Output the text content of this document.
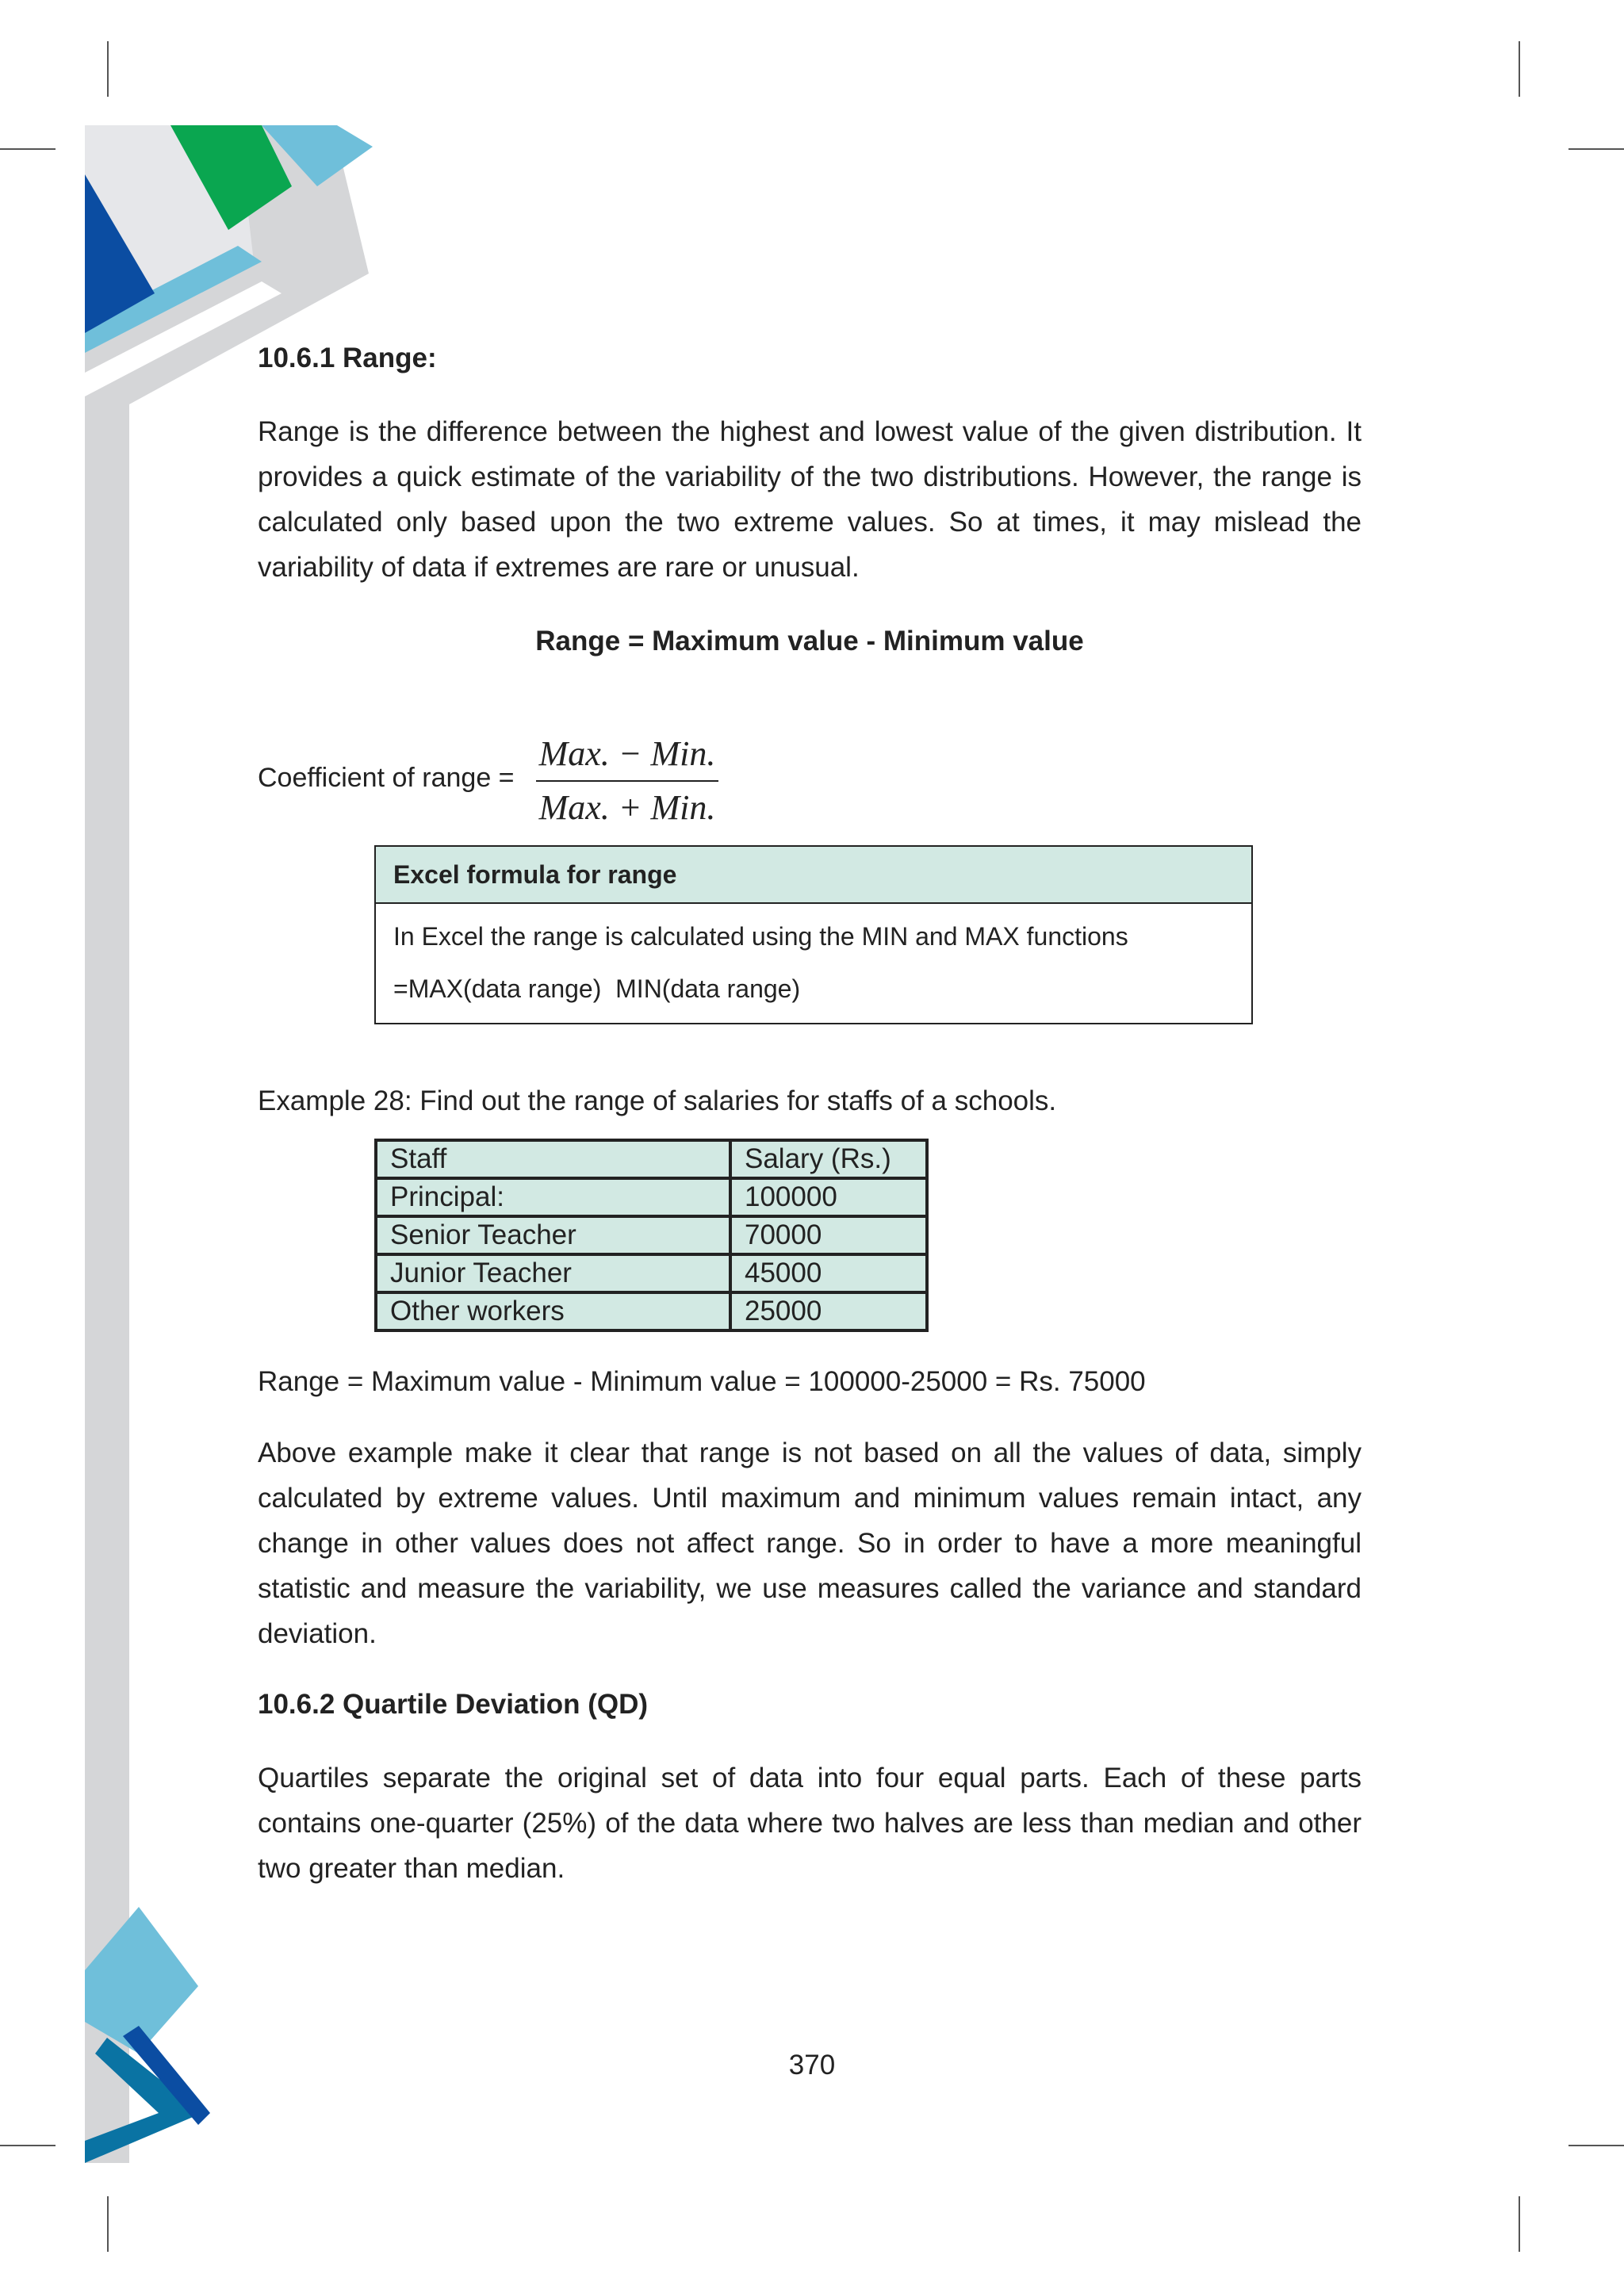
10.6.1 Range:
Range is the difference between the highest and lowest value of the given distribution. It provides a quick estimate of the variability of the two distributions. However, the range is calculated only based upon the two extreme values. So at times, it may mislead the variability of data if extremes are rare or unusual.
Range = Maximum value - Minimum value
Coefficient of range =
Max. − Min.
Max. + Min.
Excel formula for range
In Excel the range is calculated using the MIN and MAX functions
=MAX(data range)  MIN(data range)
Example 28: Find out the range of salaries for staffs of a schools.
Staff	Salary (Rs.)
Principal:	100000
Senior Teacher	70000
Junior Teacher	45000
Other workers	25000
Range = Maximum value - Minimum value = 100000-25000 = Rs. 75000
Above example make it clear that range is not based on all the values of data, simply calculated by extreme values. Until maximum and minimum values remain intact, any change in other values does not affect range. So in order to have a more meaningful statistic and measure the variability, we use measures called the variance and standard deviation.
10.6.2 Quartile Deviation (QD)
Quartiles separate the original set of data into four equal parts. Each of these parts contains one-quarter (25%) of the data where two halves are less than median and other two greater than median.
370
